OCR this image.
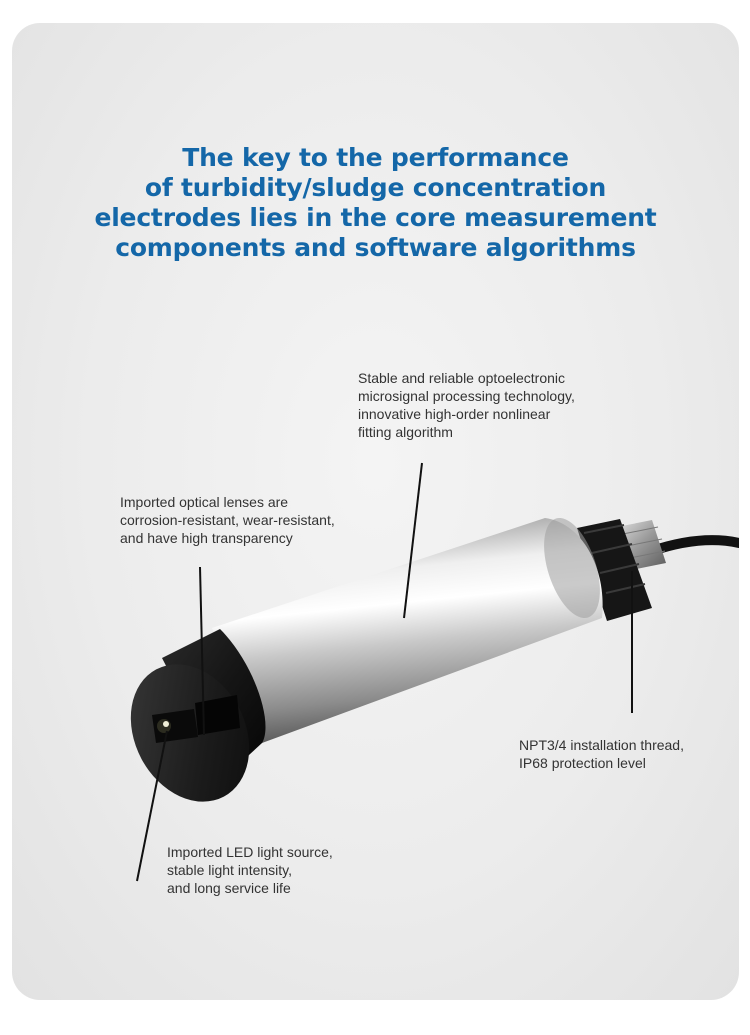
The key to the performance
of turbidity/sludge concentration
electrodes lies in the core measurement
components and software algorithms
Stable and reliable optoelectronic
microsignal processing technology,
innovative high-order nonlinear
fitting algorithm
Imported optical lenses are
corrosion-resistant, wear-resistant,
and have high transparency
NPT3/4 installation thread,
IP68 protection level
Imported LED light source,
stable light intensity,
and long service life
